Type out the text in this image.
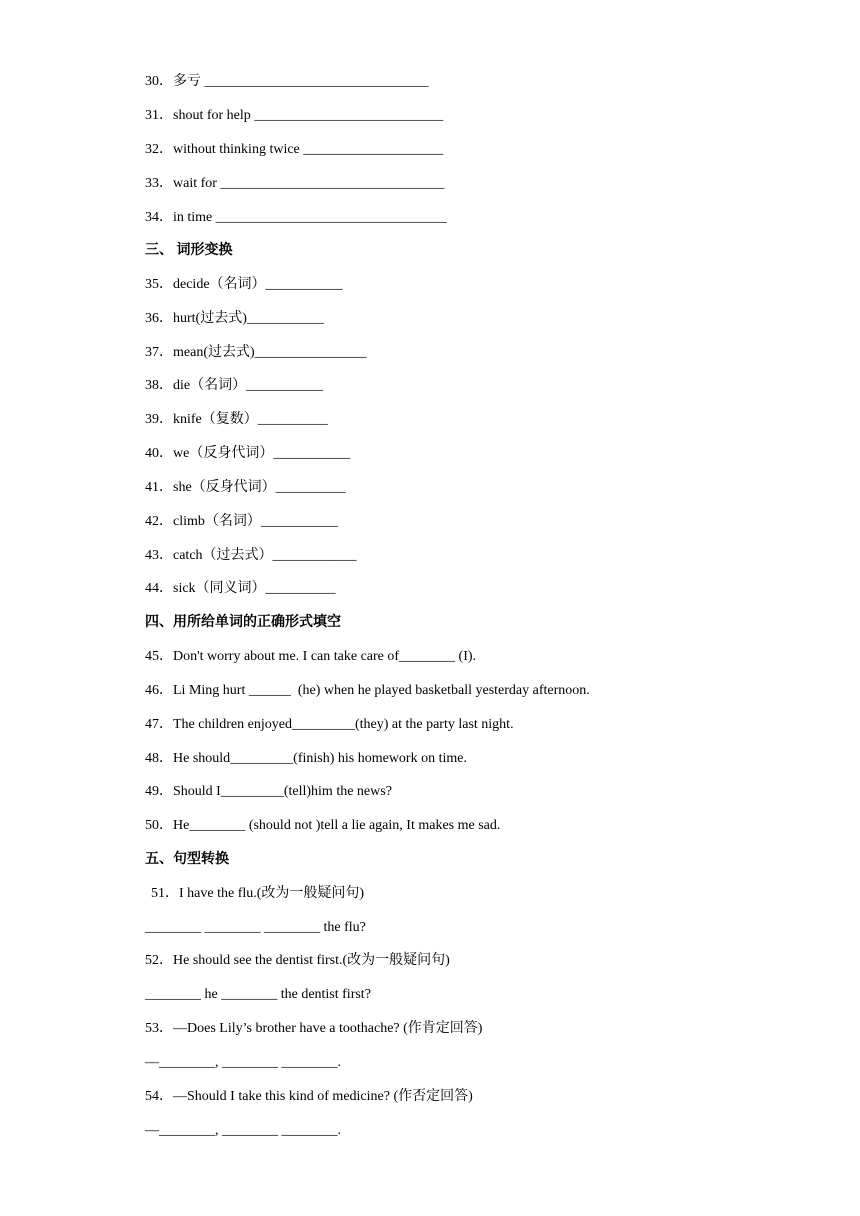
30．多亏 ________________________________
31．shout for help ___________________________
32．without thinking twice ____________________
33．wait for ________________________________
34．in time _________________________________
三、 词形变换
35．decide（名词）___________
36．hurt(过去式)___________
37．mean(过去式)________________
38．die（名词）___________
39．knife（复数）__________
40．we（反身代词）___________
41．she（反身代词）__________
42．climb（名词）___________
43．catch（过去式）____________
44．sick（同义词）__________
四、用所给单词的正确形式填空
45．Don't worry about me. I can take care of________ (I).
46．Li Ming hurt ______  (he) when he played basketball yesterday afternoon.
47．The children enjoyed_________(they) at the party last night.
48．He should_________(finish) his homework on time.
49．Should I_________(tell)him the news?
50．He________ (should not )tell a lie again, It makes me sad.
五、句型转换
51．I have the flu.(改为一般疑问句)
________ ________ ________ the flu?
52．He should see the dentist first.(改为一般疑问句)
________ he ________ the dentist first?
53．—Does Lily’s brother have a toothache? (作肯定回答)
—________, ________ ________.
54．—Should I take this kind of medicine? (作否定回答)
—________, ________ ________.
